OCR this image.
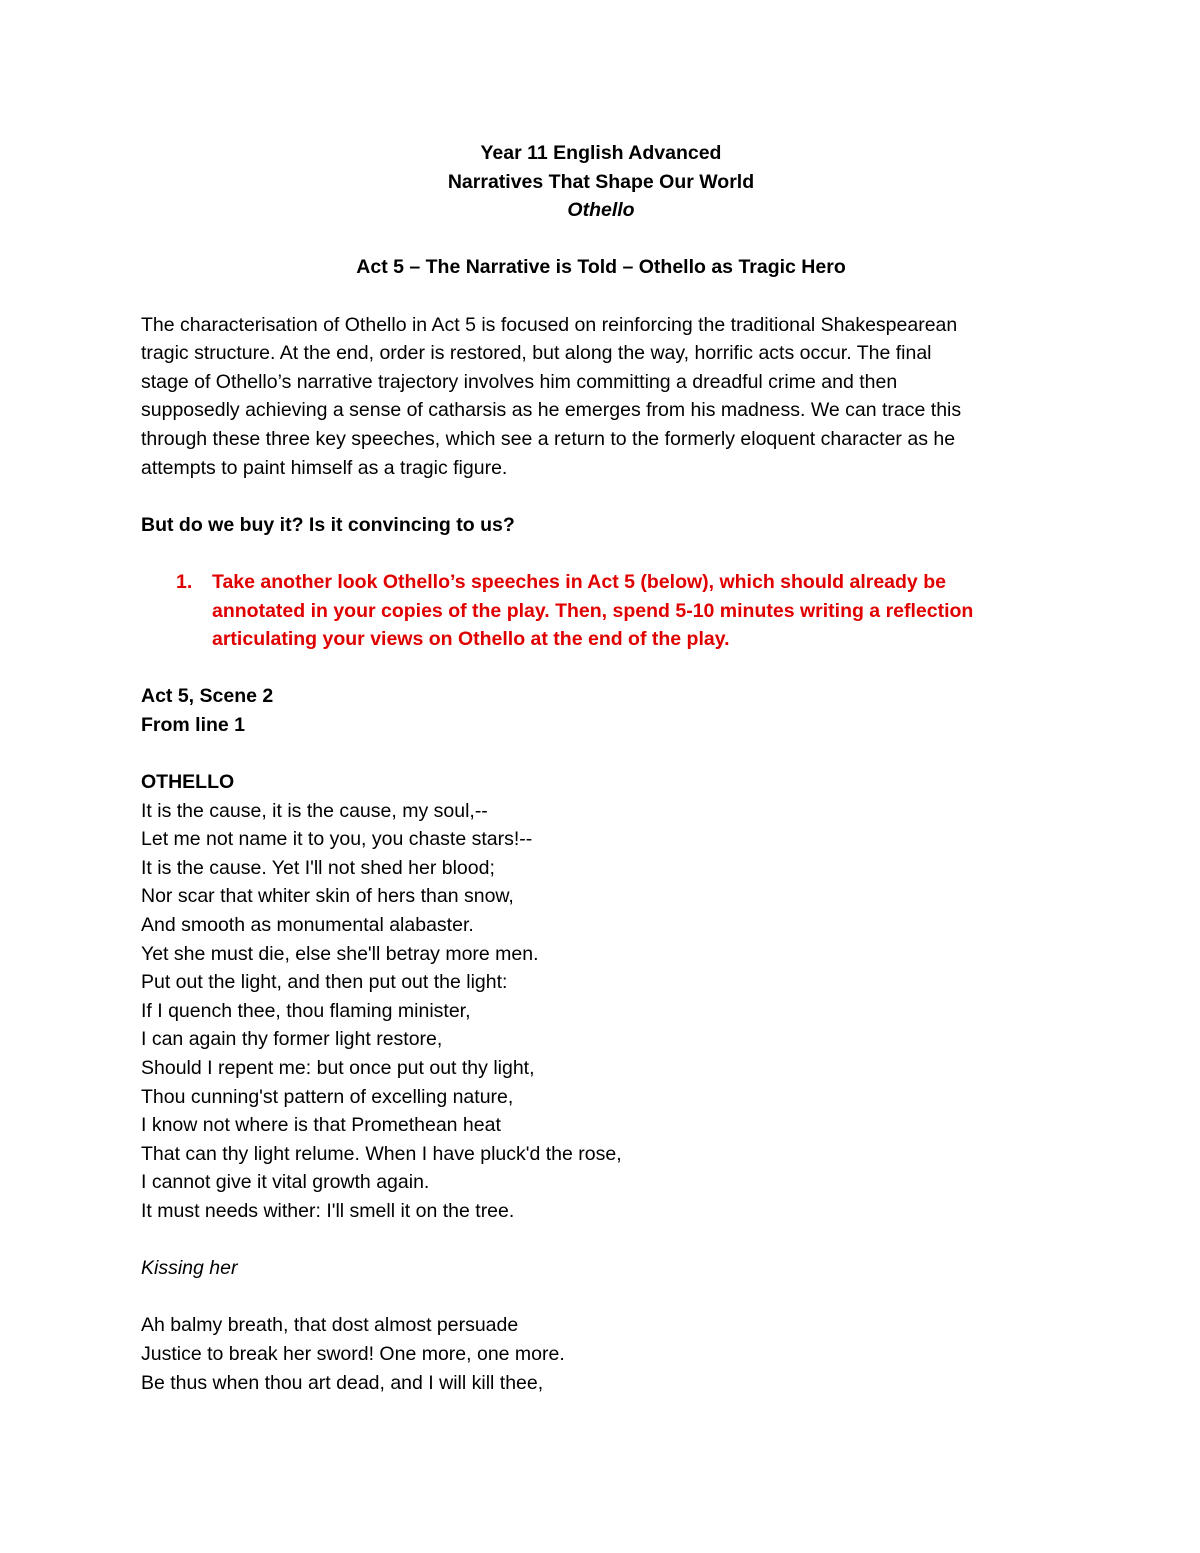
Year 11 English Advanced
Narratives That Shape Our World
Othello
Act 5 – The Narrative is Told – Othello as Tragic Hero
The characterisation of Othello in Act 5 is focused on reinforcing the traditional Shakespearean
tragic structure. At the end, order is restored, but along the way, horrific acts occur. The final
stage of Othello’s narrative trajectory involves him committing a dreadful crime and then
supposedly achieving a sense of catharsis as he emerges from his madness. We can trace this
through these three key speeches, which see a return to the formerly eloquent character as he
attempts to paint himself as a tragic figure.
But do we buy it? Is it convincing to us?
1. Take another look Othello’s speeches in Act 5 (below), which should already be
annotated in your copies of the play. Then, spend 5-10 minutes writing a reflection
articulating your views on Othello at the end of the play.
Act 5, Scene 2
From line 1
OTHELLO
It is the cause, it is the cause, my soul,--
Let me not name it to you, you chaste stars!--
It is the cause. Yet I'll not shed her blood;
Nor scar that whiter skin of hers than snow,
And smooth as monumental alabaster.
Yet she must die, else she'll betray more men.
Put out the light, and then put out the light:
If I quench thee, thou flaming minister,
I can again thy former light restore,
Should I repent me: but once put out thy light,
Thou cunning'st pattern of excelling nature,
I know not where is that Promethean heat
That can thy light relume. When I have pluck'd the rose,
I cannot give it vital growth again.
It must needs wither: I'll smell it on the tree.
Kissing her
Ah balmy breath, that dost almost persuade
Justice to break her sword! One more, one more.
Be thus when thou art dead, and I will kill thee,
